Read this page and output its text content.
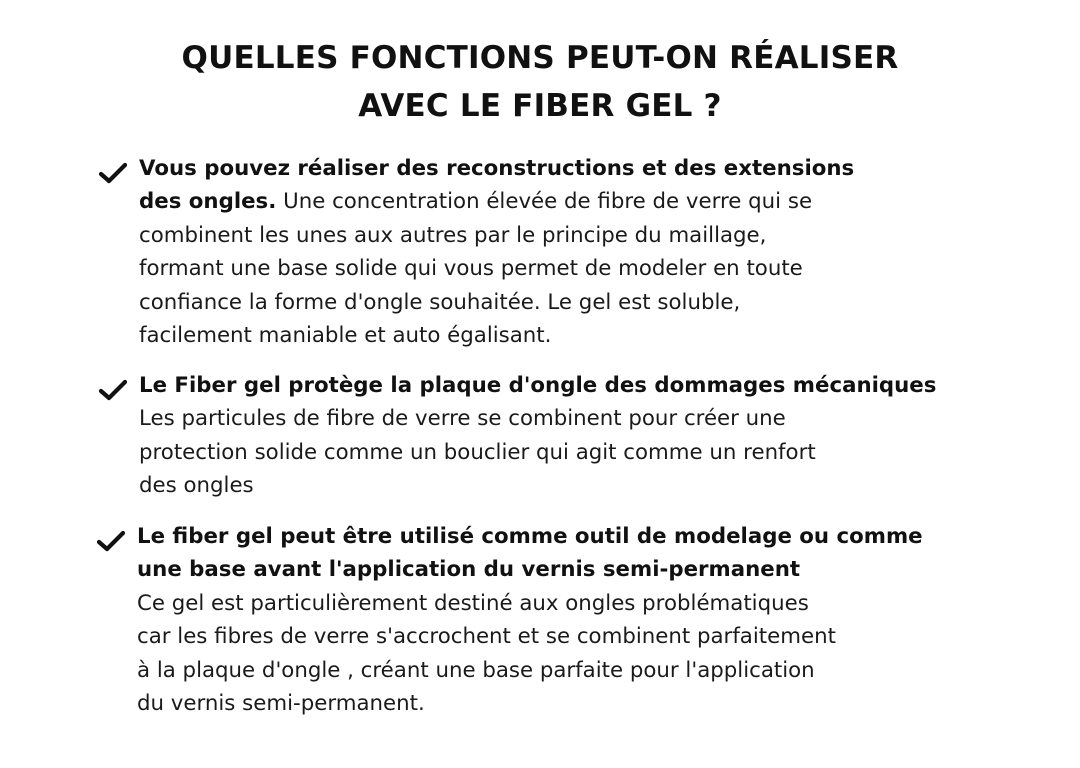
QUELLES FONCTIONS PEUT-ON RÉALISER
AVEC LE FIBER GEL ?
Vous pouvez réaliser des reconstructions et des extensions
des ongles. Une concentration élevée de fibre de verre qui se
combinent les unes aux autres par le principe du maillage,
formant une base solide qui vous permet de modeler en toute
confiance la forme d'ongle souhaitée. Le gel est soluble,
facilement maniable et auto égalisant.
Le Fiber gel protège la plaque d'ongle des dommages mécaniques
Les particules de fibre de verre se combinent pour créer une
protection solide comme un bouclier qui agit comme un renfort
des ongles
Le fiber gel peut être utilisé comme outil de modelage ou comme
une base avant l'application du vernis semi-permanent
Ce gel est particulièrement destiné aux ongles problématiques
car les fibres de verre s'accrochent et se combinent parfaitement
à la plaque d'ongle , créant une base parfaite pour l'application
du vernis semi-permanent.
